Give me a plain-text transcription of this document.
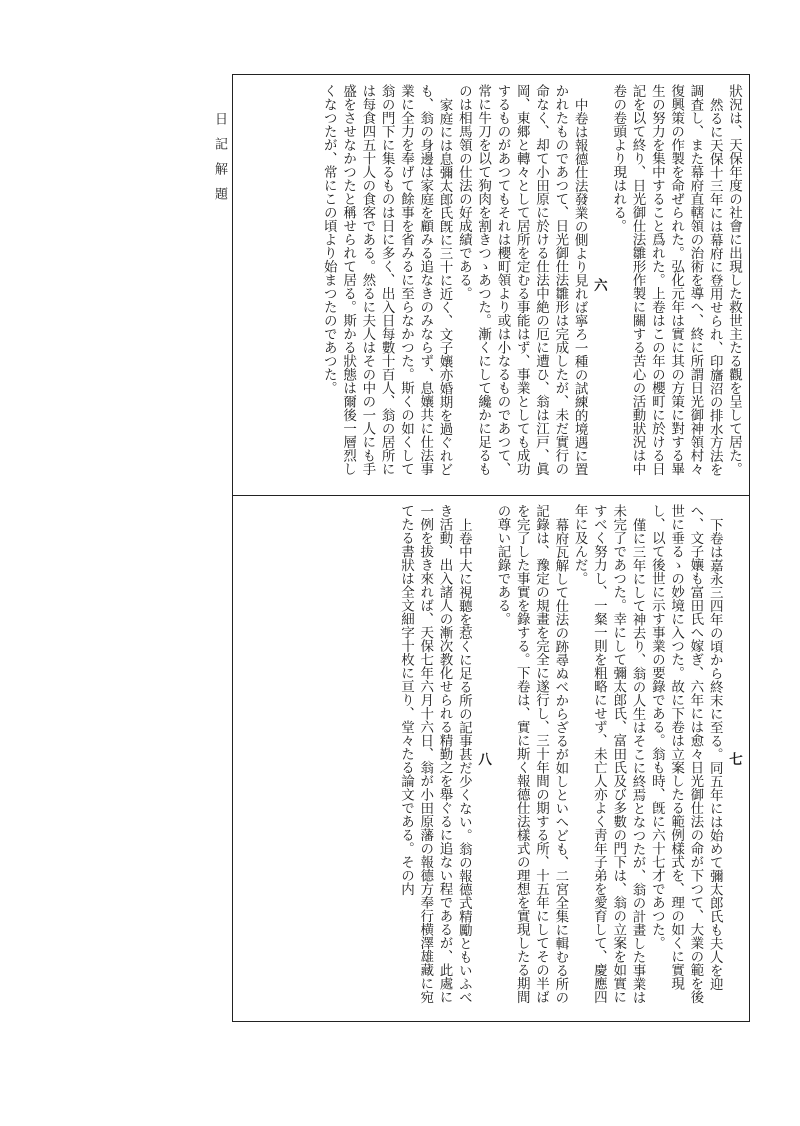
日記解題	狀況は、天保年度の社會に出現した救世主たる觀を呈して居た。

然るに天保十三年には幕府に登用せられ、印旛沼の排水方法を調査し、また幕府直轄領の治術を導へ、終に所謂日光御神領村々復興策の作製を命ぜられた。弘化元年は實に其の方策に對する畢生の努力を集中すること爲れた。上卷はこの年の櫻町に於ける日記を以て終り、日光御仕法雛形作製に關する苦心の活動狀況は中卷の卷頭より現はれる。

六

中卷は報德仕法發業の側より見れば寧ろ一種の試練的境遇に置かれたものであつて、日光御仕法雛形は完成したが、未だ實行の命なく、却て小田原に於ける仕法中絶の厄に遭ひ、翁は江戸、眞岡、東郷と轉々として居所を定むる事能はず、事業としても成功するものがあつてもそれは櫻町領より或は小なるものであつて、常に牛刀を以て狗肉を割きつゝあつた。漸くにして纔かに足るものは相馬領の仕法の好成績である。

家庭には息彌太郎氏旣に三十に近く、文子孃亦婚期を過ぐれども、翁の身邊は家庭を顧みる追なきのみならず、息孃共に仕法事業に全力を奉げて餘事を省みるに至らなかつた。斯くの如くして翁の門下に集るものは日に多く、出入日每數十百人、翁の居所には每食四五十人の食客である。然るに夫人はその中の一人にも手盛をさせなかつたと稱せられて居る。斯かる狀態は爾後一層烈しくなつたが、常にこの頃より始まつたのであつた。

七

下卷は嘉永三四年の頃から終末に至る。同五年には始めて彌太郎氏も夫人を迎へ、文子孃も富田氏へ嫁ぎ、六年には愈々日光御仕法の命が下つて、大業の範を後世に垂るゝの妙境に入つた。故に下卷は立案したる範例樣式を、理の如くに實現し、以て後世に示す事業の要錄である。翁も時、旣に六十七才であつた。

僅に三年にして神去り、翁の人生はそこに終焉となつたが、翁の計畫した事業は未完了であつた。幸にして彌太郎氏、富田氏及び多數の門下は、翁の立案を如實にすべく努力し、一粲一則を粗略にせず、未亡人亦よく靑年子弟を愛育して、慶應四年に及んだ。

幕府瓦解して仕法の跡尋ぬべからざるが如しといへども、二宮全集に輯むる所の記錄は、豫定の規畫を完全に遂行し、三十年間の期する所、十五年にしてその半ばを完了した事實を錄する。下卷は、實に斯く報德仕法樣式の理想を實現したる期間の尊い記錄である。

八

上卷中大に視聽を惹くに足る所の記事甚だ少くない。翁の報德式精勵ともいふべき活動、出入諸人の漸次教化せられる精勤之を舉ぐるに追ない程であるが、此處に一例を拔き來れば、天保七年六月十六日、翁が小田原藩の報德方奉行横澤雄藏に宛てたる書狀は全文細字十枚に亘り、堂々たる論文である。その内
